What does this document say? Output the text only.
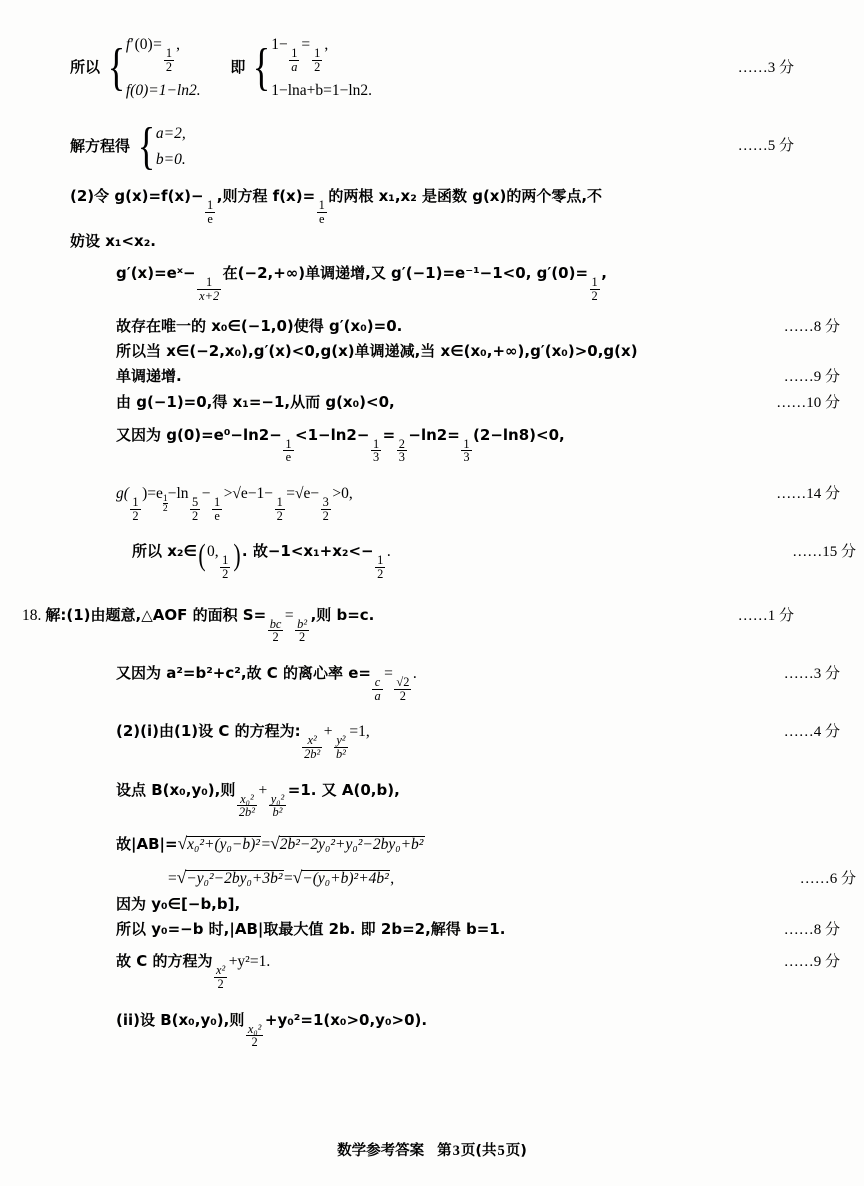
所以 { f′(0)=
$\frac{1}{2}$
,
f(0)=1−ln2.
即 { 1−
$\frac{1}{a}$
=
$\frac{1}{2}$
,
1−lna+b=1−ln2.
……3 分
解方程得 { a=2,
b=0.
……5 分
(2)令 g(x)=f(x)−
$\frac{1}{e}$
,则方程 f(x)=
$\frac{1}{e}$
的两根 x₁,x₂ 是函数 g(x)的两个零点,不
妨设 x₁<x₂.
g′(x)=eˣ−
$\frac{1}{x+2}$
在(−2,+∞)单调递增,又 g′(−1)=e⁻¹−1<0, g′(0)=
$\frac{1}{2}$
,
故存在唯一的 x₀∈(−1,0)使得 g′(x₀)=0.	……8 分
所以当 x∈(−2,x₀),g′(x)<0,g(x)单调递减,当 x∈(x₀,+∞),g′(x₀)>0,g(x)
单调递增.	……9 分
由 g(−1)=0,得 x₁=−1,从而 g(x₀)<0,	……10 分
又因为 g(0)=e⁰−ln2−
$\frac{1}{e}$
<1−ln2−
$\frac{1}{3}$
=
$\frac{2}{3}$
−ln2=
$\frac{1}{3}$
(2−ln8)<0,
g(
$\frac{1}{2}$
)=e
$\frac{1}{2}$
−ln
$\frac{5}{2}$
−
$\frac{1}{e}$
>√e−1−
$\frac{1}{2}$
=√e−
$\frac{3}{2}$
>0,	……14 分
所以 x₂∈(0,
$\frac{1}{2}$ ). 故−1<x₁+x₂<−
$\frac{1}{2}$
.	……15 分
18. 解:(1)由题意,△AOF 的面积 S=
$\frac{bc}{2}$
=
$\frac{\text{b²}}{2}$
,则 b=c.	……1 分
又因为 a²=b²+c²,故 C 的离心率 e=
$\frac{c}{a}$
=
$\frac{√2}{2}$
.	……3 分
(2)(i)由(1)设 C 的方程为:
$\frac{\text{x²}}{\text{2b²}}$
+
$\frac{\text{y²}}{\text{b²}}$
=1,	……4 分
设点 B(x₀,y₀),则
$\frac{\text{x₀²}}{\text{2b²}}$
+
$\frac{\text{y₀²}}{\text{b²}}$
=1. 又 A(0,b),
故|AB|=√x₀²+(y₀−b)²=√2b²−2y₀²+y₀²−2by₀+b²
=√−y₀²−2by₀+3b²=√−(y₀+b)²+4b²,	……6 分
因为 y₀∈[−b,b],
所以 y₀=−b 时,|AB|取最大值 2b. 即 2b=2,解得 b=1.	……8 分
故 C 的方程为
$\frac{\text{x²}}{2}$
+y²=1.	……9 分
(ii)设 B(x₀,y₀),则
$\frac{\text{x₀²}}{2}$
+y₀²=1(x₀>0,y₀>0).
数学参考答案 第3页(共5页)
